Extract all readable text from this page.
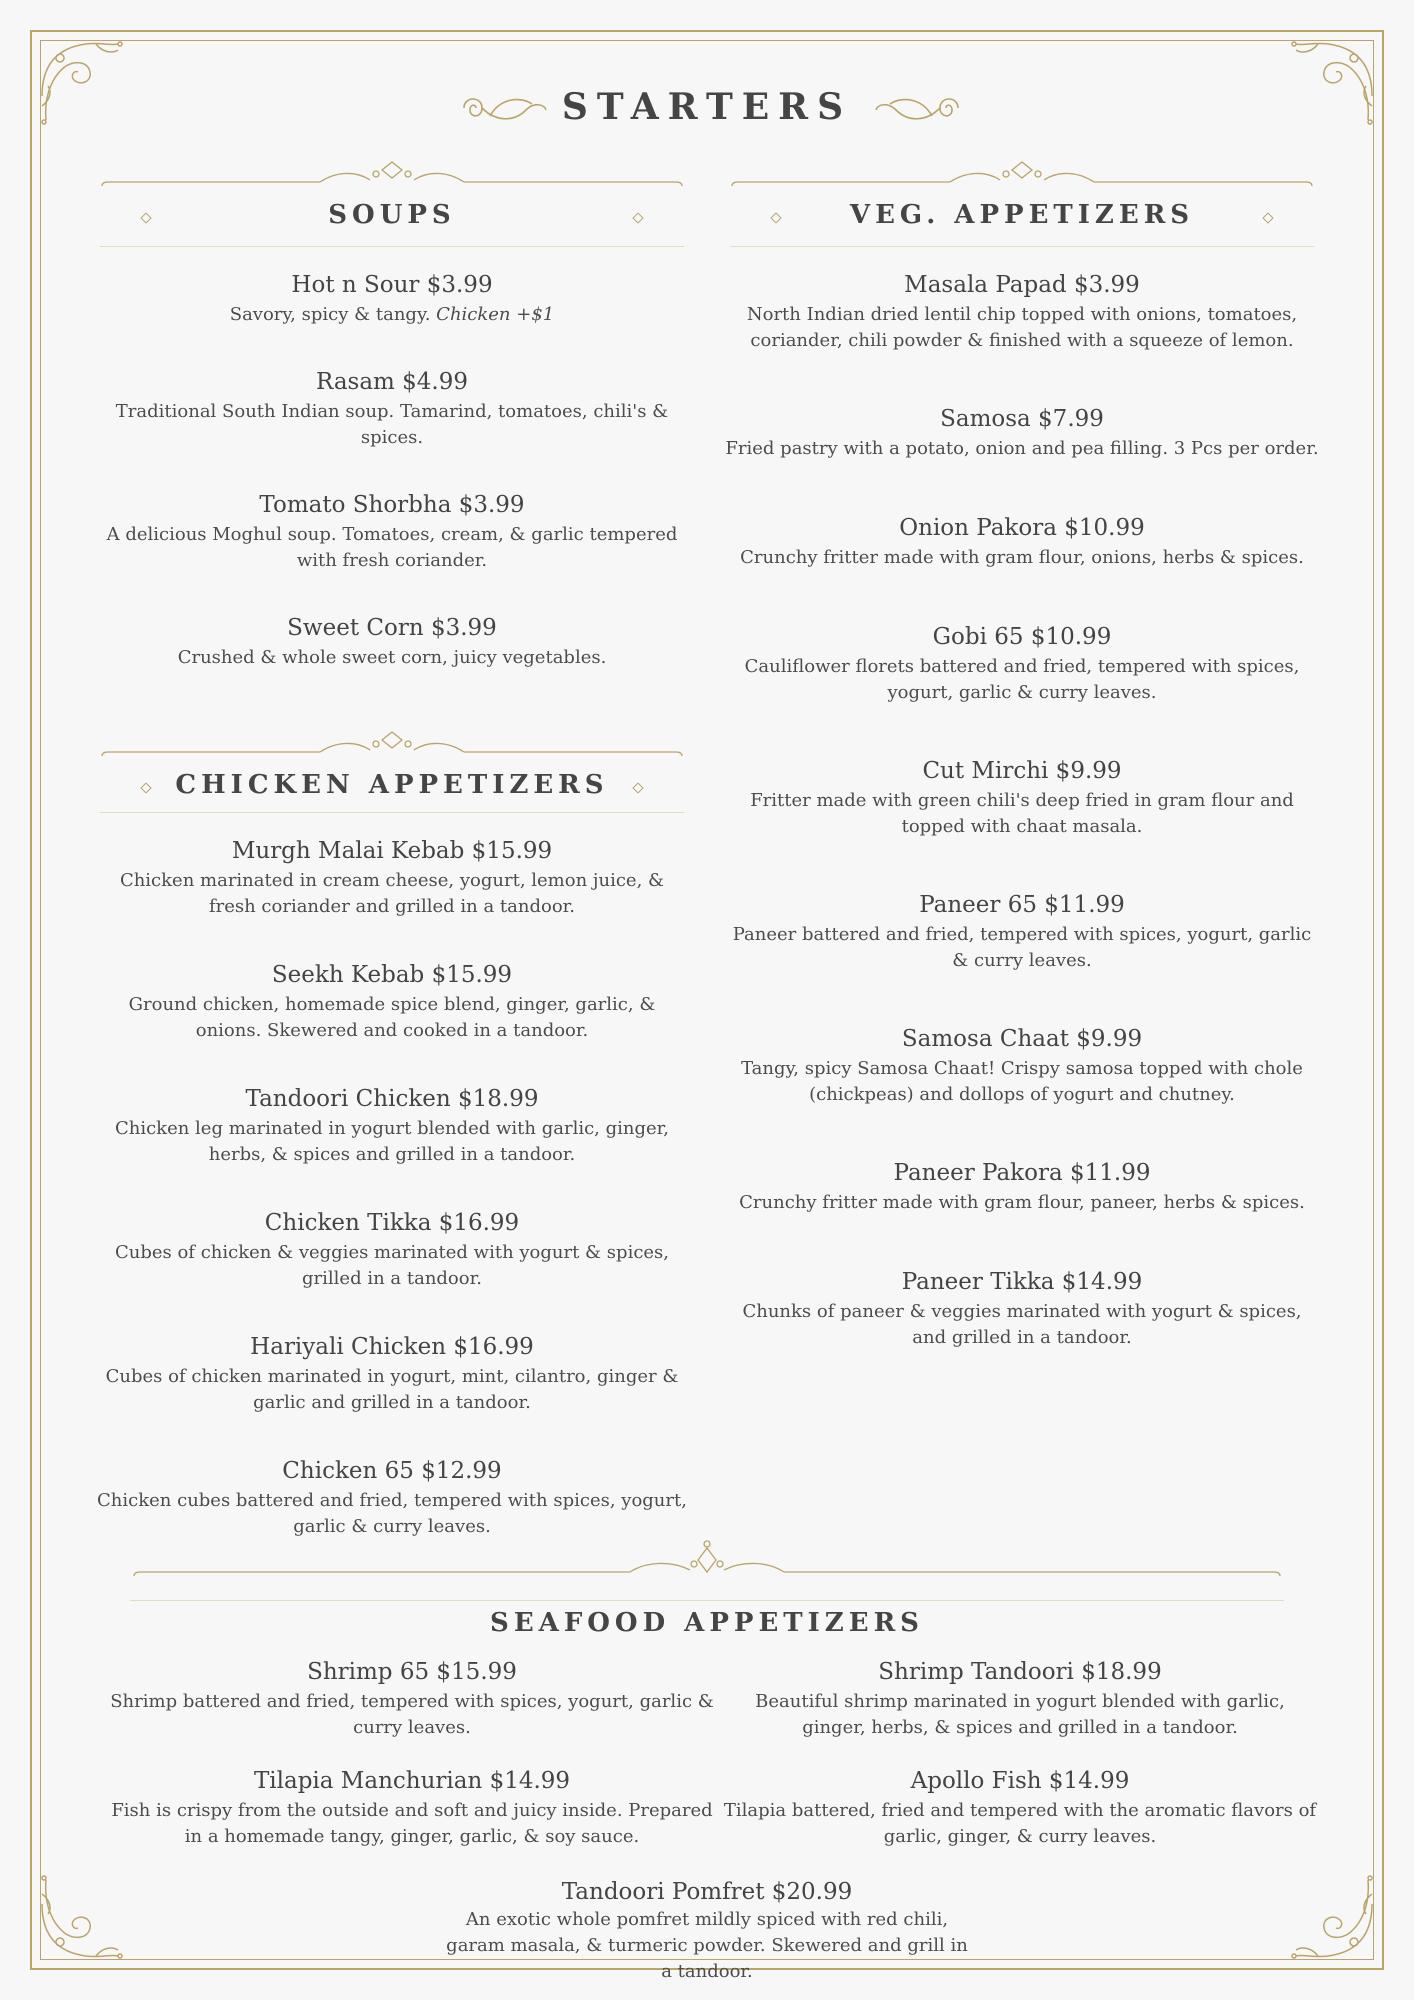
STARTERS
SOUPS
Hot n Sour $3.99
Savory, spicy & tangy. Chicken +$1
Rasam $4.99
Traditional South Indian soup. Tamarind, tomatoes, chili's & spices.
Tomato Shorbha $3.99
A delicious Moghul soup. Tomatoes, cream, & garlic tempered with fresh coriander.
Sweet Corn $3.99
Crushed & whole sweet corn, juicy vegetables.
VEG. APPETIZERS
Masala Papad $3.99
North Indian dried lentil chip topped with onions, tomatoes, coriander, chili powder & finished with a squeeze of lemon.
Samosa $7.99
Fried pastry with a potato, onion and pea filling. 3 Pcs per order.
Onion Pakora $10.99
Crunchy fritter made with gram flour, onions, herbs & spices.
Gobi 65 $10.99
Cauliflower florets battered and fried, tempered with spices, yogurt, garlic & curry leaves.
Cut Mirchi $9.99
Fritter made with green chili's deep fried in gram flour and topped with chaat masala.
Paneer 65 $11.99
Paneer battered and fried, tempered with spices, yogurt, garlic & curry leaves.
Samosa Chaat $9.99
Tangy, spicy Samosa Chaat! Crispy samosa topped with chole (chickpeas) and dollops of yogurt and chutney.
Paneer Pakora $11.99
Crunchy fritter made with gram flour, paneer, herbs & spices.
Paneer Tikka $14.99
Chunks of paneer & veggies marinated with yogurt & spices, and grilled in a tandoor.
CHICKEN APPETIZERS
Murgh Malai Kebab $15.99
Chicken marinated in cream cheese, yogurt, lemon juice, & fresh coriander and grilled in a tandoor.
Seekh Kebab $15.99
Ground chicken, homemade spice blend, ginger, garlic, & onions. Skewered and cooked in a tandoor.
Tandoori Chicken $18.99
Chicken leg marinated in yogurt blended with garlic, ginger, herbs, & spices and grilled in a tandoor.
Chicken Tikka $16.99
Cubes of chicken & veggies marinated with yogurt & spices, grilled in a tandoor.
Hariyali Chicken $16.99
Cubes of chicken marinated in yogurt, mint, cilantro, ginger & garlic and grilled in a tandoor.
Chicken 65 $12.99
Chicken cubes battered and fried, tempered with spices, yogurt, garlic & curry leaves.
SEAFOOD APPETIZERS
Shrimp 65 $15.99
Shrimp battered and fried, tempered with spices, yogurt, garlic & curry leaves.
Shrimp Tandoori $18.99
Beautiful shrimp marinated in yogurt blended with garlic, ginger, herbs, & spices and grilled in a tandoor.
Tilapia Manchurian $14.99
Fish is crispy from the outside and soft and juicy inside. Prepared in a homemade tangy, ginger, garlic, & soy sauce.
Apollo Fish $14.99
Tilapia battered, fried and tempered with the aromatic flavors of garlic, ginger, & curry leaves.
Tandoori Pomfret $20.99
An exotic whole pomfret mildly spiced with red chili, garam masala, & turmeric powder. Skewered and grill in a tandoor.
